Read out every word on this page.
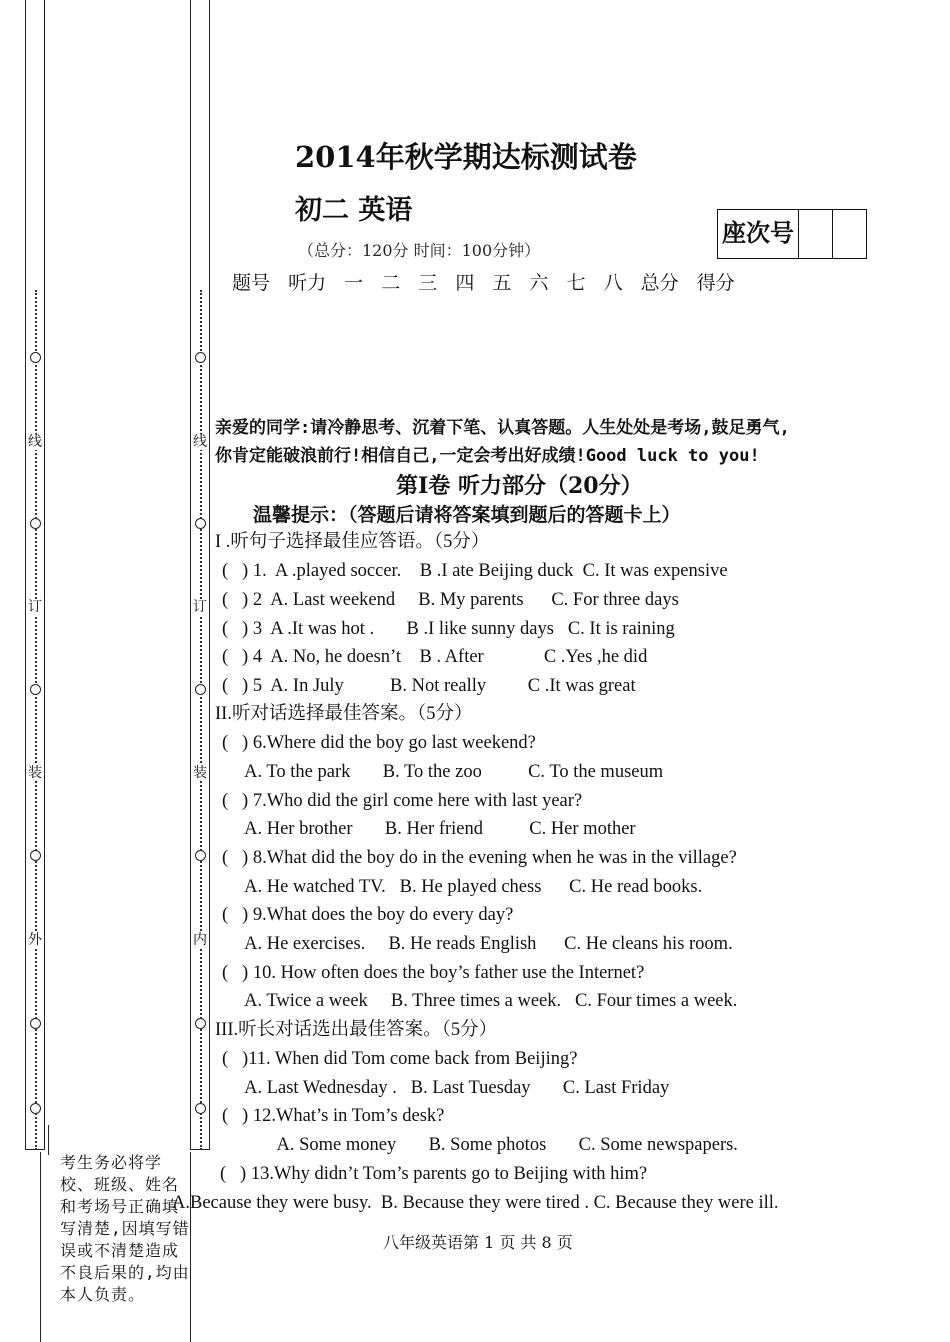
线
订
装
外
线
订
装
内
考生务必将学校、班级、姓名和考场号正确填写清楚,因填写错误或不清楚造成不良后果的,均由本人负责。
2014年秋学期达标测试卷
初二 英语
（总分：120分 时间：100分钟）
座次号
题号 听力 一 二 三 四 五 六 七 八 总分 得分
亲爱的同学:请冷静思考、沉着下笔、认真答题。人生处处是考场,鼓足勇气,
你肯定能破浪前行!相信自己,一定会考出好成绩!Good luck to you!
第Ⅰ卷 听力部分（20分）
温馨提示：（答题后请将答案填到题后的答题卡上）
I .听句子选择最佳应答语。（5分）
(   ) 1.  A .played soccer.    B .I ate Beijing duck  C. It was expensive
(   ) 2  A. Last weekend     B. My parents      C. For three days
(   ) 3  A .It was hot .       B .I like sunny days   C. It is raining
(   ) 4  A. No, he doesn’t    B . After             C .Yes ,he did
(   ) 5  A. In July          B. Not really         C .It was great
II.听对话选择最佳答案。（5分）
(   ) 6.Where did the boy go last weekend?
A. To the park       B. To the zoo          C. To the museum
(   ) 7.Who did the girl come here with last year?
A. Her brother       B. Her friend          C. Her mother
(   ) 8.What did the boy do in the evening when he was in the village?
A. He watched TV.   B. He played chess      C. He read books.
(   ) 9.What does the boy do every day?
A. He exercises.     B. He reads English      C. He cleans his room.
(   ) 10. How often does the boy’s father use the Internet?
A. Twice a week     B. Three times a week.   C. Four times a week.
III.听长对话选出最佳答案。（5分）
(   )11. When did Tom come back from Beijing?
A. Last Wednesday .   B. Last Tuesday       C. Last Friday
(   ) 12.What’s in Tom’s desk?
A. Some money       B. Some photos       C. Some newspapers.
(   ) 13.Why didn’t Tom’s parents go to Beijing with him?
A.Because they were busy.  B. Because they were tired . C. Because they were ill.
八年级英语第 1 页 共 8 页
